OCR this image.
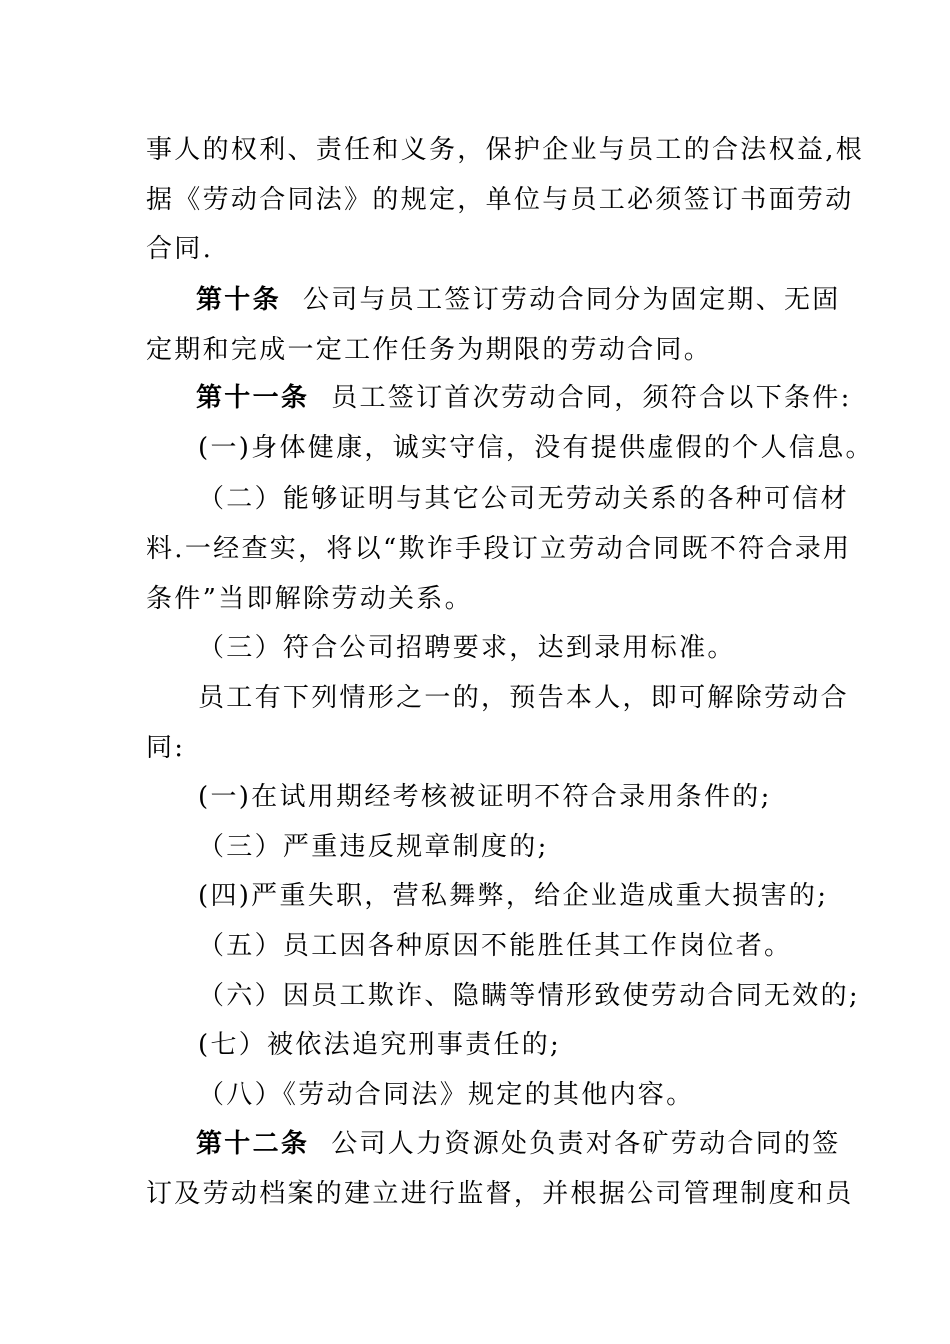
事人的权利、责任和义务，保护企业与员工的合法权益,根
据《劳动合同法》的规定，单位与员工必须签订书面劳动
合同.
第十条 公司与员工签订劳动合同分为固定期、无固
定期和完成一定工作任务为期限的劳动合同。
第十一条 员工签订首次劳动合同，须符合以下条件:
(一)身体健康，诚实守信，没有提供虚假的个人信息。
（二）能够证明与其它公司无劳动关系的各种可信材
料.一经查实，将以“欺诈手段订立劳动合同既不符合录用
条件”当即解除劳动关系。
（三）符合公司招聘要求，达到录用标准。
员工有下列情形之一的，预告本人，即可解除劳动合
同:
(一)在试用期经考核被证明不符合录用条件的;
（三）严重违反规章制度的;
(四)严重失职，营私舞弊，给企业造成重大损害的;
（五）员工因各种原因不能胜任其工作岗位者。
（六）因员工欺诈、隐瞒等情形致使劳动合同无效的;
(七）被依法追究刑事责任的;
（八）《劳动合同法》规定的其他内容。
第十二条 公司人力资源处负责对各矿劳动合同的签
订及劳动档案的建立进行监督，并根据公司管理制度和员
